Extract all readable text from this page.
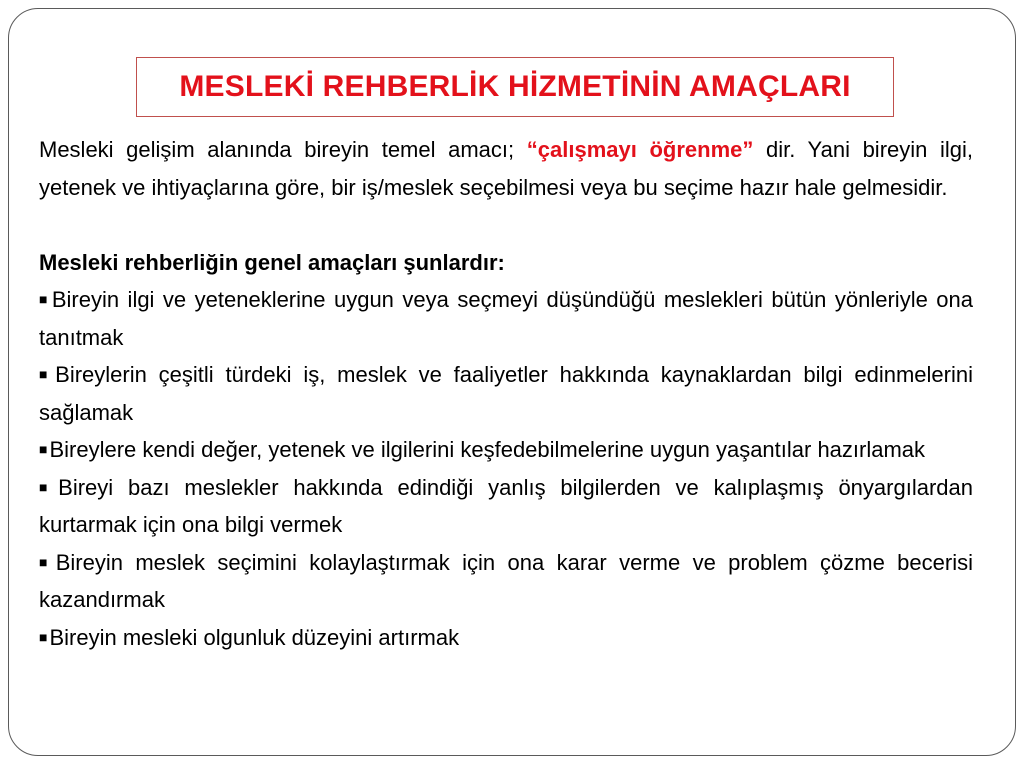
MESLEKİ REHBERLİK HİZMETİNİN AMAÇLARI

Mesleki gelişim alanında bireyin temel amacı; “çalışmayı öğrenme” dir. Yani bireyin ilgi, yetenek ve ihtiyaçlarına göre, bir iş/meslek seçebilmesi veya bu seçime hazır hale gelmesidir.

Mesleki rehberliğin genel amaçları şunlardır:

■Bireyin ilgi ve yeteneklerine uygun veya seçmeyi düşündüğü meslekleri bütün yönleriyle ona tanıtmak
■Bireylerin çeşitli türdeki iş, meslek ve faaliyetler hakkında kaynaklardan bilgi edinmelerini sağlamak
■Bireylere kendi değer, yetenek ve ilgilerini keşfedebilmelerine uygun yaşantılar hazırlamak
■Bireyi bazı meslekler hakkında edindiği yanlış bilgilerden ve kalıplaşmış önyargılardan kurtarmak için ona bilgi vermek
■Bireyin meslek seçimini kolaylaştırmak için ona karar verme ve problem çözme becerisi kazandırmak
■Bireyin mesleki olgunluk düzeyini artırmak
